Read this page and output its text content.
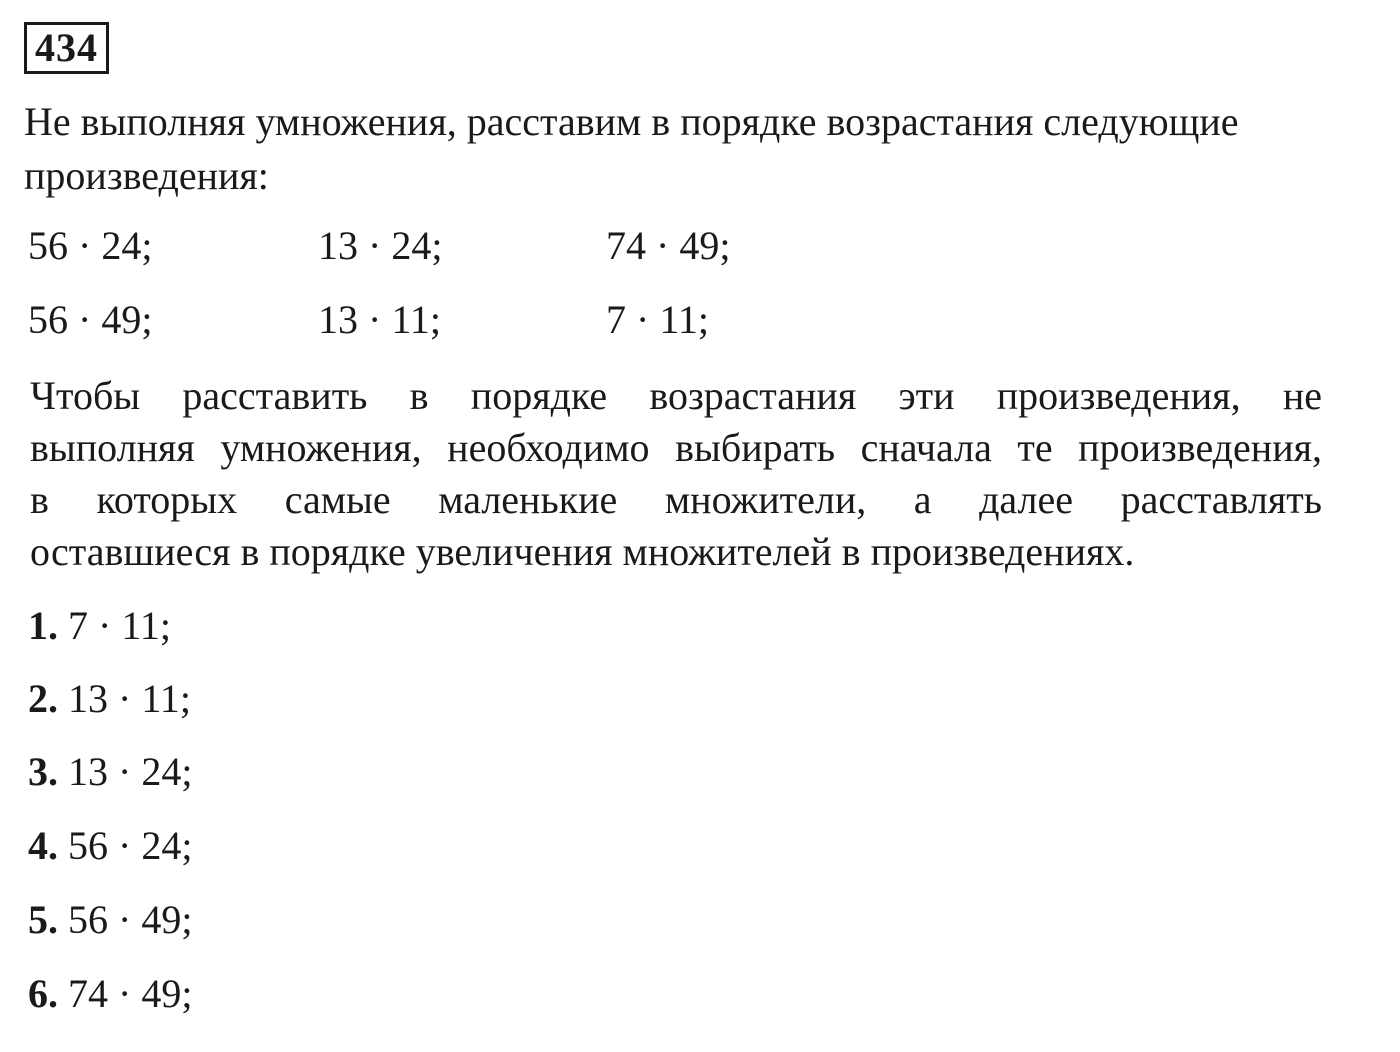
434
Не выполняя умножения, расставим в порядке возрастания следующие
произведения:
56 · 24;	13 · 24;	74 · 49;
56 · 49;	13 · 11;	7 · 11;
Чтобы расставить в порядке возрастания эти произведения, не
выполняя умножения, необходимо выбирать сначала те произведения,
в которых самые маленькие множители, а далее расставлять
оставшиеся в порядке увеличения множителей в произведениях.
1. 7 · 11;
2. 13 · 11;
3. 13 · 24;
4. 56 · 24;
5. 56 · 49;
6. 74 · 49;
